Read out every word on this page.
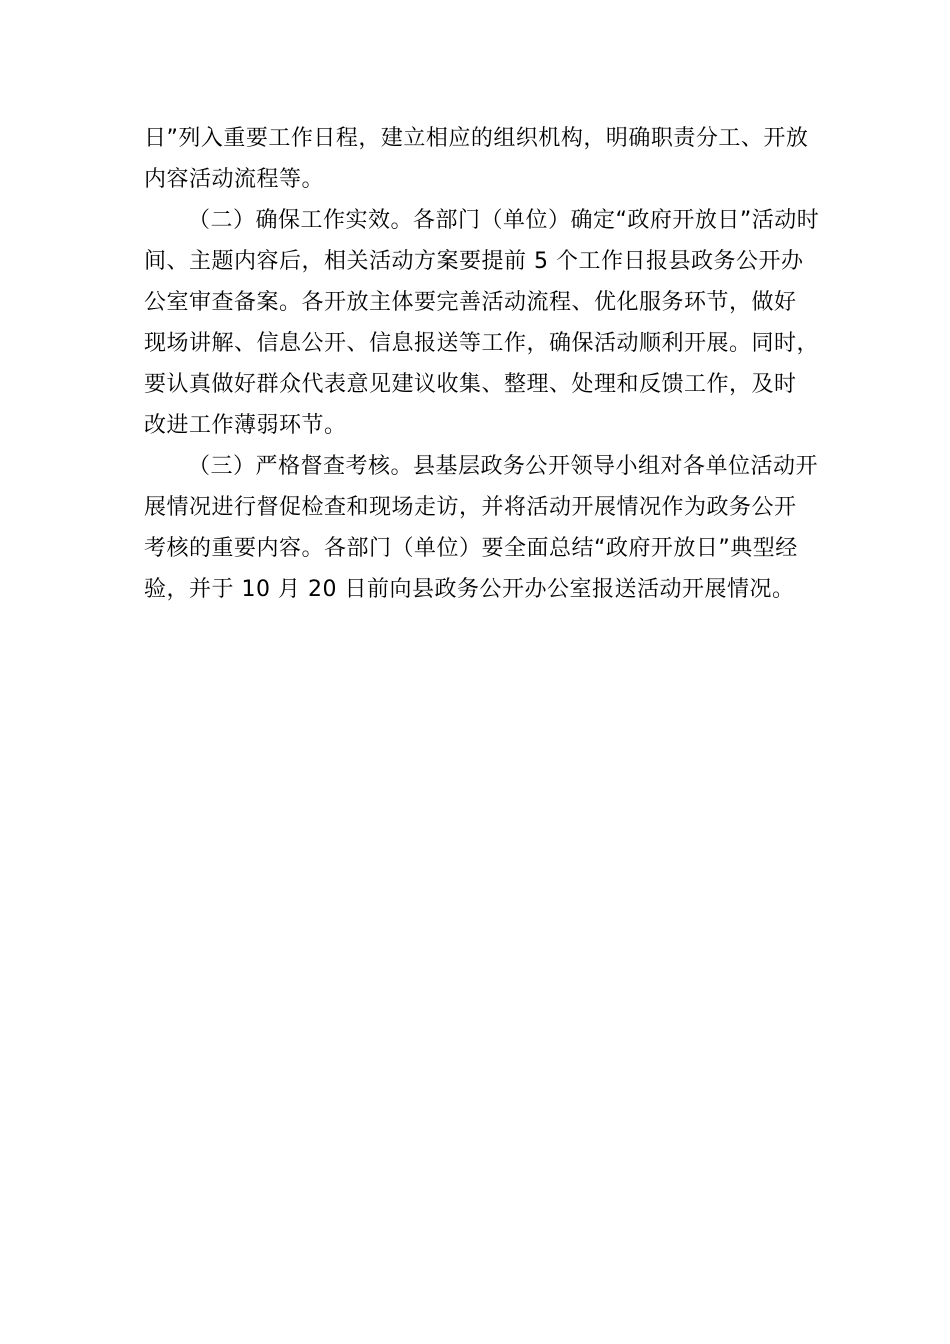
日”列入重要工作日程，建立相应的组织机构，明确职责分工、开放
内容活动流程等。
（二）确保工作实效。各部门（单位）确定“政府开放日”活动时
间、主题内容后，相关活动方案要提前 5 个工作日报县政务公开办
公室审查备案。各开放主体要完善活动流程、优化服务环节，做好
现场讲解、信息公开、信息报送等工作，确保活动顺利开展。同时，
要认真做好群众代表意见建议收集、整理、处理和反馈工作，及时
改进工作薄弱环节。
（三）严格督查考核。县基层政务公开领导小组对各单位活动开
展情况进行督促检查和现场走访，并将活动开展情况作为政务公开
考核的重要内容。各部门（单位）要全面总结“政府开放日”典型经
验，并于 10 月 20 日前向县政务公开办公室报送活动开展情况。
